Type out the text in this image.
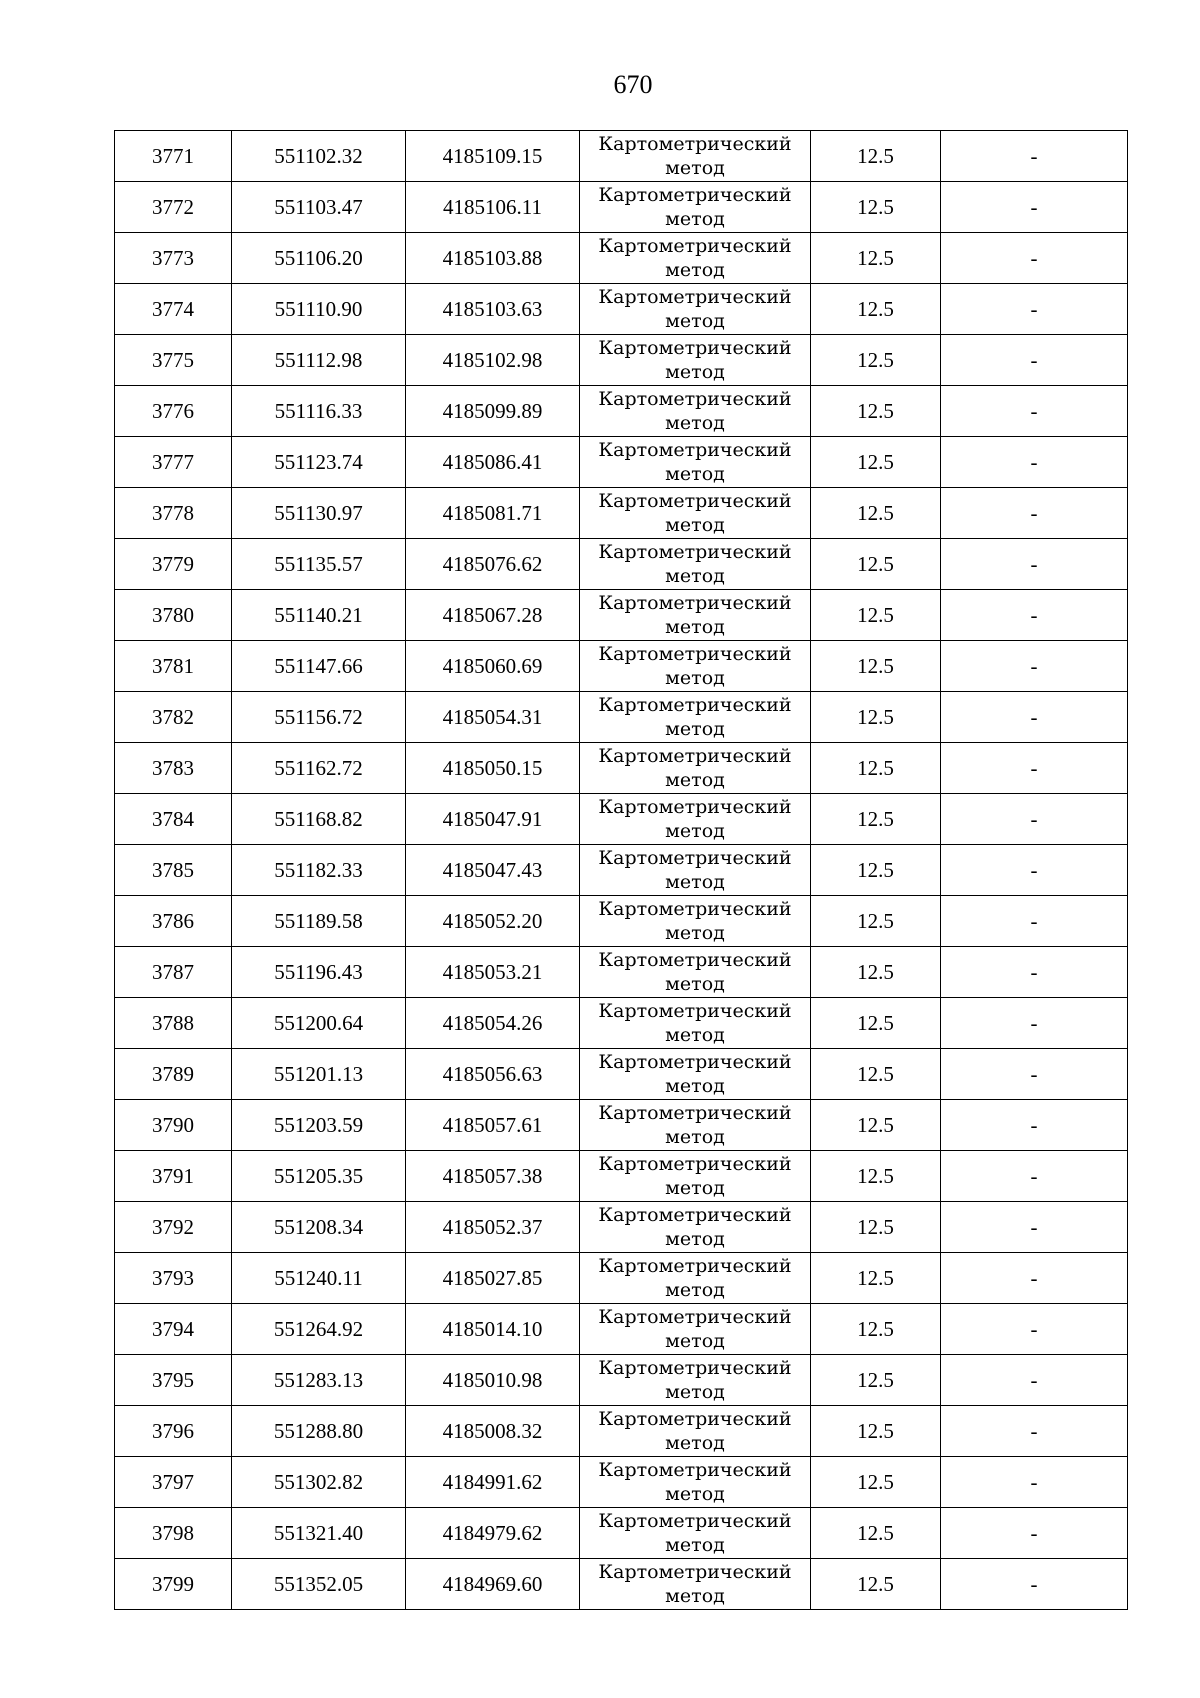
670
3771	551102.32	4185109.15	Картометрический
метод	12.5	-
3772	551103.47	4185106.11	Картометрический
метод	12.5	-
3773	551106.20	4185103.88	Картометрический
метод	12.5	-
3774	551110.90	4185103.63	Картометрический
метод	12.5	-
3775	551112.98	4185102.98	Картометрический
метод	12.5	-
3776	551116.33	4185099.89	Картометрический
метод	12.5	-
3777	551123.74	4185086.41	Картометрический
метод	12.5	-
3778	551130.97	4185081.71	Картометрический
метод	12.5	-
3779	551135.57	4185076.62	Картометрический
метод	12.5	-
3780	551140.21	4185067.28	Картометрический
метод	12.5	-
3781	551147.66	4185060.69	Картометрический
метод	12.5	-
3782	551156.72	4185054.31	Картометрический
метод	12.5	-
3783	551162.72	4185050.15	Картометрический
метод	12.5	-
3784	551168.82	4185047.91	Картометрический
метод	12.5	-
3785	551182.33	4185047.43	Картометрический
метод	12.5	-
3786	551189.58	4185052.20	Картометрический
метод	12.5	-
3787	551196.43	4185053.21	Картометрический
метод	12.5	-
3788	551200.64	4185054.26	Картометрический
метод	12.5	-
3789	551201.13	4185056.63	Картометрический
метод	12.5	-
3790	551203.59	4185057.61	Картометрический
метод	12.5	-
3791	551205.35	4185057.38	Картометрический
метод	12.5	-
3792	551208.34	4185052.37	Картометрический
метод	12.5	-
3793	551240.11	4185027.85	Картометрический
метод	12.5	-
3794	551264.92	4185014.10	Картометрический
метод	12.5	-
3795	551283.13	4185010.98	Картометрический
метод	12.5	-
3796	551288.80	4185008.32	Картометрический
метод	12.5	-
3797	551302.82	4184991.62	Картометрический
метод	12.5	-
3798	551321.40	4184979.62	Картометрический
метод	12.5	-
3799	551352.05	4184969.60	Картометрический
метод	12.5	-
